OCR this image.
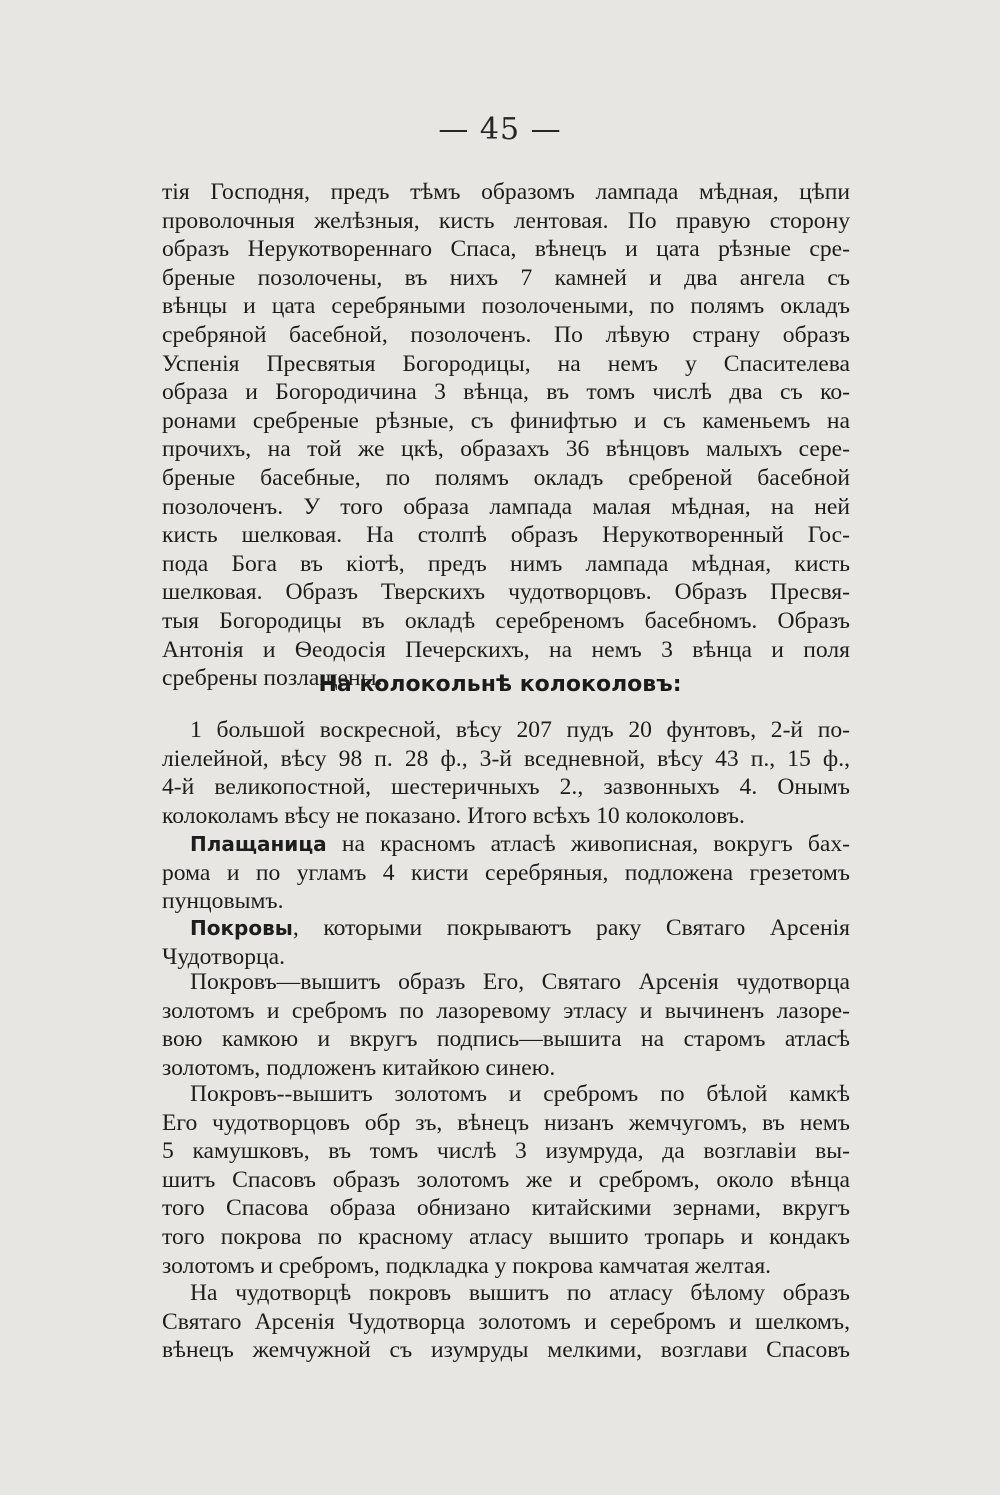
— 45 —
тія Господня, предъ тѣмъ образомъ лампада мѣдная, цѣпи
проволочныя желѣзныя, кисть лентовая. По правую сторону
образъ Нерукотвореннаго Спаса, вѣнецъ и цата рѣзные сре-
бреные позолочены, въ нихъ 7 камней и два ангела съ
вѣнцы и цата серебряными позолочеными, по полямъ окладъ
сребряной басебной, позолоченъ. По лѣвую страну образъ
Успенія Пресвятыя Богородицы, на немъ у Спасителева
образа и Богородичина 3 вѣнца, въ томъ числѣ два съ ко-
ронами сребреные рѣзные, съ финифтью и съ каменьемъ на
прочихъ, на той же цкѣ, образахъ 36 вѣнцовъ малыхъ сере-
бреные басебные, по полямъ окладъ сребреной басебной
позолоченъ. У того образа лампада малая мѣдная, на ней
кисть шелковая. На столпѣ образъ Нерукотворенный Гос-
пода Бога въ кіотѣ, предъ нимъ лампада мѣдная, кисть
шелковая. Образъ Тверскихъ чудотворцовъ. Образъ Пресвя-
тыя Богородицы въ окладѣ серебреномъ басебномъ. Образъ
Антонія и Ѳеодосія Печерскихъ, на немъ 3 вѣнца и поля
сребрены позлащены.
На колокольнѣ колоколовъ:
1 большой воскресной, вѣсу 207 пудъ 20 фунтовъ, 2-й по-
ліелейной, вѣсу 98 п. 28 ф., 3-й вседневной, вѣсу 43 п., 15 ф.,
4-й великопостной, шестеричныхъ 2., зазвонныхъ 4. Онымъ
колоколамъ вѣсу не показано. Итого всѣхъ 10 колоколовъ.
Плащаница на красномъ атласѣ живописная, вокругъ бах-
рома и по угламъ 4 кисти серебряныя, подложена грезетомъ
пунцовымъ.
Покровы, которыми покрываютъ раку Святаго Арсенія
Чудотворца.
Покровъ—вышитъ образъ Его, Святаго Арсенія чудотворца
золотомъ и сребромъ по лазоревому этласу и вычиненъ лазоре-
вою камкою и вкругъ подпись—вышита на старомъ атласѣ
золотомъ, подложенъ китайкою синею.
Покровъ--вышитъ золотомъ и сребромъ по бѣлой камкѣ
Его чудотворцовъ обр зъ, вѣнецъ низанъ жемчугомъ, въ немъ
5 камушковъ, въ томъ числѣ 3 изумруда, да возглавіи вы-
шитъ Спасовъ образъ золотомъ же и сребромъ, около вѣнца
того Спасова образа обнизано китайскими зернами, вкругъ
того покрова по красному атласу вышито тропарь и кондакъ
золотомъ и сребромъ, подкладка у покрова камчатая желтая.
На чудотворцѣ покровъ вышитъ по атласу бѣлому образъ
Святаго Арсенія Чудотворца золотомъ и серебромъ и шелкомъ,
вѣнецъ жемчужной съ изумруды мелкими, возглави Спасовъ
